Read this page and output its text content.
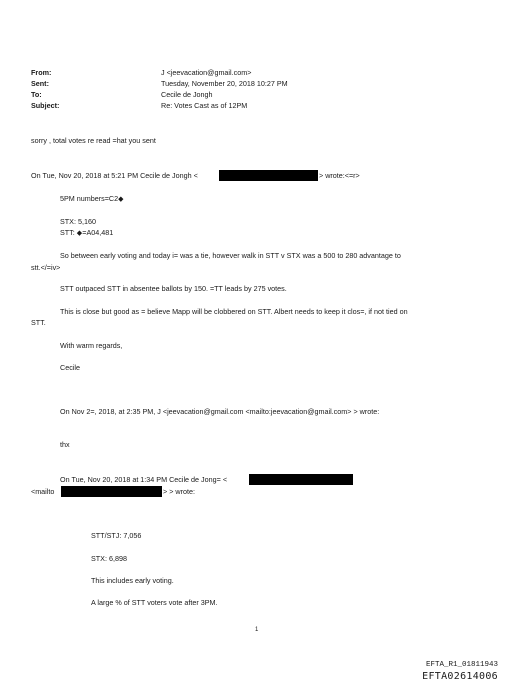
From:	J <jeevacation@gmail.com>
Sent:	Tuesday, November 20, 2018 10:27 PM
To:	Cecile de Jongh
Subject:	Re: Votes Cast as of 12PM
sorry , total votes re read =hat you sent
On Tue, Nov 20, 2018 at 5:21 PM Cecile de Jongh <	> wrote:<=r>
5PM numbers=C2◆
STX: 5,160
STT: ◆=A04,481
So between early voting and today i= was a tie, however walk in STT v STX was a 500 to 280 advantage to
stt.</=iv>
STT outpaced STT in absentee ballots by 150. =TT leads by 275 votes.
This is close but good as = believe Mapp will be clobbered on STT. Albert needs to keep it clos=, if not tied on
STT.
With warm regards,
Cecile
On Nov 2=, 2018, at 2:35 PM, J <jeevacation@gmail.com <mailto:jeevacation@gmail.com> > wrote:
thx
On Tue, Nov 20, 2018 at 1:34 PM Cecile de Jong= <
<mailto	> > wrote:
STT/STJ: 7,056
STX: 6,898
This includes early voting.
A large % of STT voters vote after 3PM.
1
EFTA_R1_01811943
EFTA02614006
